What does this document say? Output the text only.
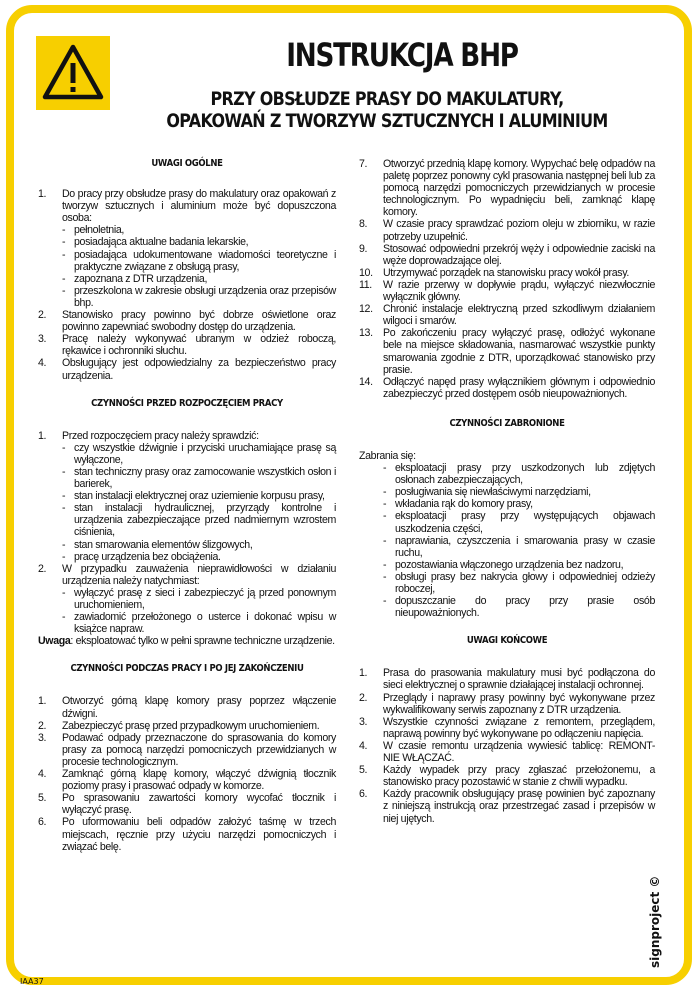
INSTRUKCJA BHP
PRZY OBSŁUDZE PRASY DO MAKULATURY,
OPAKOWAŃ Z TWORZYW SZTUCZNYCH I ALUMINIUM
UWAGI OGÓLNE
1.	Do pracy przy obsłudze prasy do makulatury oraz opakowań z tworzyw sztucznych i aluminium może być dopuszczona osoba:
- pełnoletnia,
- posiadająca aktualne badania lekarskie,
- posiadająca udokumentowane wiadomości teoretyczne i praktyczne związane z obsługą prasy,
- zapoznana z DTR urządzenia,
- przeszkolona w zakresie obsługi urządzenia oraz przepisów bhp.
2.	Stanowisko pracy powinno być dobrze oświetlone oraz powinno zapewniać swobodny dostęp do urządzenia.
3.	Pracę należy wykonywać ubranym w odzież roboczą, rękawice i ochronniki słuchu.
4.	Obsługujący jest odpowiedzialny za bezpieczeństwo pracy urządzenia.
CZYNNOŚCI PRZED ROZPOCZĘCIEM PRACY
1.	Przed rozpoczęciem pracy należy sprawdzić:
- czy wszystkie dźwignie i przyciski uruchamiające prasę są wyłączone,
- stan techniczny prasy oraz zamocowanie wszystkich osłon i barierek,
- stan instalacji elektrycznej oraz uziemienie korpusu prasy,
- stan instalacji hydraulicznej, przyrządy kontrolne i urządzenia zabezpieczające przed nadmiernym wzrostem ciśnienia,
- stan smarowania elementów ślizgowych,
- pracę urządzenia bez obciążenia.
2.	W przypadku zauważenia nieprawidłowości w działaniu urządzenia należy natychmiast:
- wyłączyć prasę z sieci i zabezpieczyć ją przed ponownym uruchomieniem,
- zawiadomić przełożonego o usterce i dokonać wpisu w książce napraw.
Uwaga: eksploatować tylko w pełni sprawne techniczne urządzenie.
CZYNNOŚCI PODCZAS PRACY I PO JEJ ZAKOŃCZENIU
1.	Otworzyć górną klapę komory prasy poprzez włączenie dźwigni.
2.	Zabezpieczyć prasę przed przypadkowym uruchomieniem.
3.	Podawać odpady przeznaczone do sprasowania do komory prasy za pomocą narzędzi pomocniczych przewidzianych w procesie technologicznym.
4.	Zamknąć górną klapę komory, włączyć dźwignią tłocznik poziomy prasy i prasować odpady w komorze.
5.	Po sprasowaniu zawartości komory wycofać tłocznik i wyłączyć prasę.
6.	Po uformowaniu beli odpadów założyć taśmę w trzech miejscach, ręcznie przy użyciu narzędzi pomocniczych i związać belę.
7.	Otworzyć przednią klapę komory. Wypychać belę odpadów na paletę poprzez ponowny cykl prasowania następnej beli lub za pomocą narzędzi pomocniczych przewidzianych w procesie technologicznym. Po wypadnięciu beli, zamknąć klapę komory.
8.	W czasie pracy sprawdzać poziom oleju w zbiorniku, w razie potrzeby uzupełnić.
9.	Stosować odpowiedni przekrój węży i odpowiednie zaciski na węże doprowadzające olej.
10. Utrzymywać porządek na stanowisku pracy wokół prasy.
11.	W razie przerwy w dopływie prądu, wyłączyć niezwłocznie wyłącznik główny.
12. Chronić instalacje elektryczną przed szkodliwym działaniem wilgoci i smarów.
13. Po zakończeniu pracy wyłączyć prasę, odłożyć wykonane bele na miejsce składowania, nasmarować wszystkie punkty smarowania zgodnie z DTR, uporządkować stanowisko przy prasie.
14. Odłączyć napęd prasy wyłącznikiem głównym i odpowiednio zabezpieczyć przed dostępem osób nieupoważnionych.
CZYNNOŚCI ZABRONIONE
Zabrania się:
- eksploatacji prasy przy uszkodzonych lub zdjętych osłonach zabezpieczających,
- posługiwania się niewłaściwymi narzędziami,
- wkładania rąk do komory prasy,
- eksploatacji prasy przy występujących objawach uszkodzenia części,
- naprawiania, czyszczenia i smarowania prasy w czasie ruchu,
- pozostawiania włączonego urządzenia bez nadzoru,
- obsługi prasy bez nakrycia głowy i odpowiedniej odzieży roboczej,
- dopuszczanie do pracy przy prasie osób nieupoważnionych.
UWAGI KOŃCOWE
1.	Prasa do prasowania makulatury musi być podłączona do sieci elektrycznej o sprawnie działającej instalacji ochronnej.
2.	Przeglądy i naprawy prasy powinny być wykonywane przez wykwalifikowany serwis zapoznany z DTR urządzenia.
3.	Wszystkie czynności związane z remontem, przeglądem, naprawą powinny być wykonywane po odłączeniu napięcia.
4.	W czasie remontu urządzenia wywiesić tablicę: REMONT- NIE WŁĄCZAĆ.
5.	Każdy wypadek przy pracy zgłaszać przełożonemu, a stanowisko pracy pozostawić w stanie z chwili wypadku.
6.	Każdy pracownik obsługujący prasę powinien być zapoznany z niniejszą instrukcją oraz przestrzegać zasad i przepisów w niej ujętych.
signproject ©
IAA37
